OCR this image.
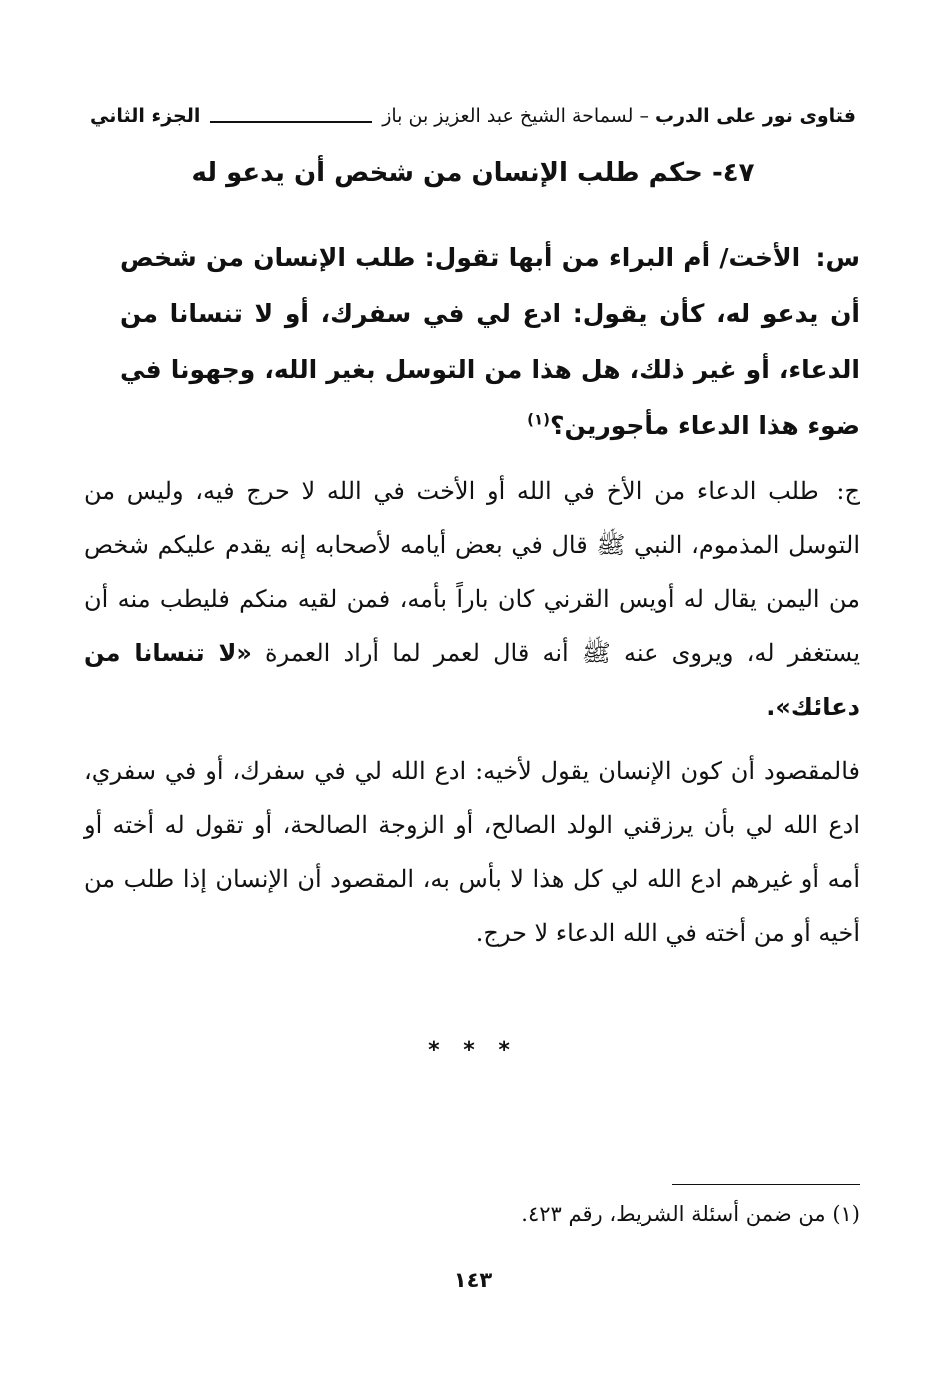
فتاوى نور على الدرب – لسماحة الشيخ عبد العزيز بن باز
الجزء الثاني
٤٧- حكم طلب الإنسان من شخص أن يدعو له
س: الأخت/ أم البراء من أبها تقول: طلب الإنسان من شخص أن يدعو له، كأن يقول: ادع لي في سفرك، أو لا تنسانا من الدعاء، أو غير ذلك، هل هذا من التوسل بغير الله، وجهونا في ضوء هذا الدعاء مأجورين؟$^{(١)}$
ج: طلب الدعاء من الأخ في الله أو الأخت في الله لا حرج فيه، وليس من التوسل المذموم، النبي ﷺ قال في بعض أيامه لأصحابه إنه يقدم عليكم شخص من اليمن يقال له أويس القرني كان باراً بأمه، فمن لقيه منكم فليطب منه أن يستغفر له، ويروى عنه ﷺ أنه قال لعمر لما أراد العمرة «لا تنسانا من دعائك».
فالمقصود أن كون الإنسان يقول لأخيه: ادع الله لي في سفرك، أو في سفري، ادع الله لي بأن يرزقني الولد الصالح، أو الزوجة الصالحة، أو تقول له أخته أو أمه أو غيرهم ادع الله لي كل هذا لا بأس به، المقصود أن الإنسان إذا طلب من أخيه أو من أخته في الله الدعاء لا حرج.
* * *
(١) من ضمن أسئلة الشريط، رقم ٤٢٣.
١٤٣
